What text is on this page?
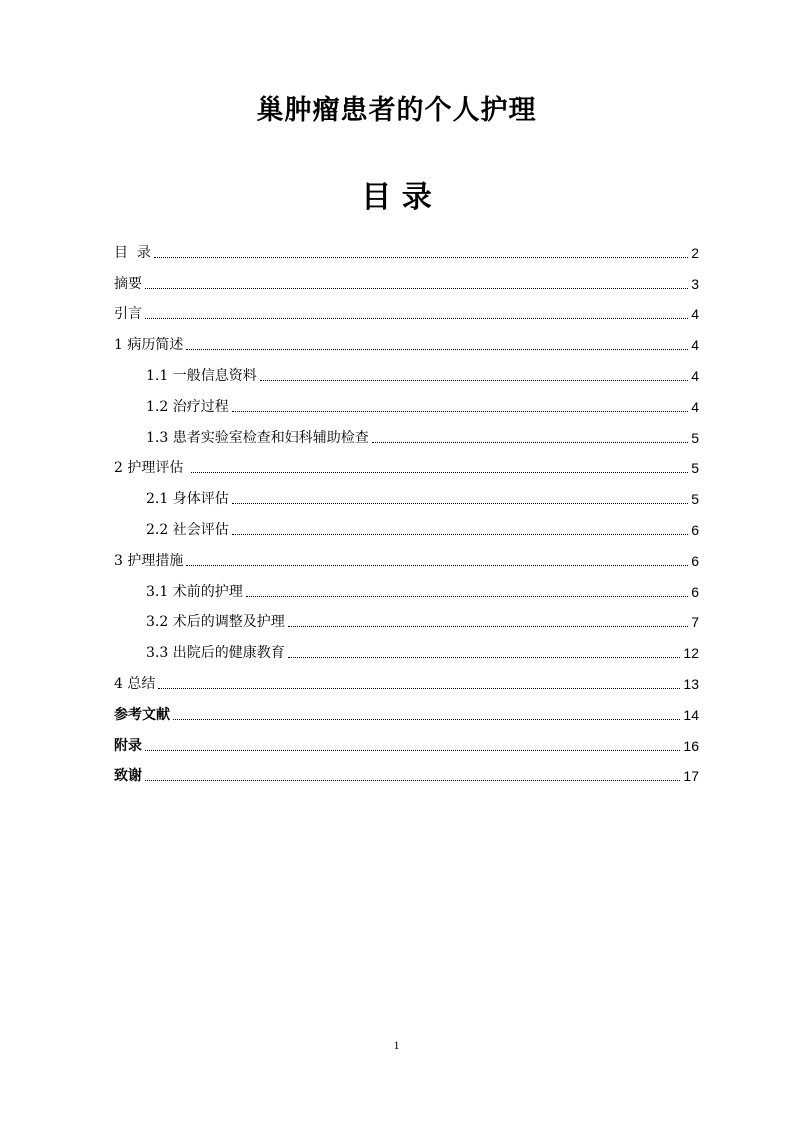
巢肿瘤患者的个人护理
目 录
目  录	2
摘要	3
引言	4
1 病历简述	4
1.1 一般信息资料	4
1.2 治疗过程	4
1.3 患者实验室检查和妇科辅助检查	5
2 护理评估	5
2.1 身体评估	5
2.2 社会评估	6
3 护理措施	6
3.1 术前的护理	6
3.2 术后的调整及护理	7
3.3 出院后的健康教育	12
4 总结	13
参考文献	14
附录	16
致谢	17
1
